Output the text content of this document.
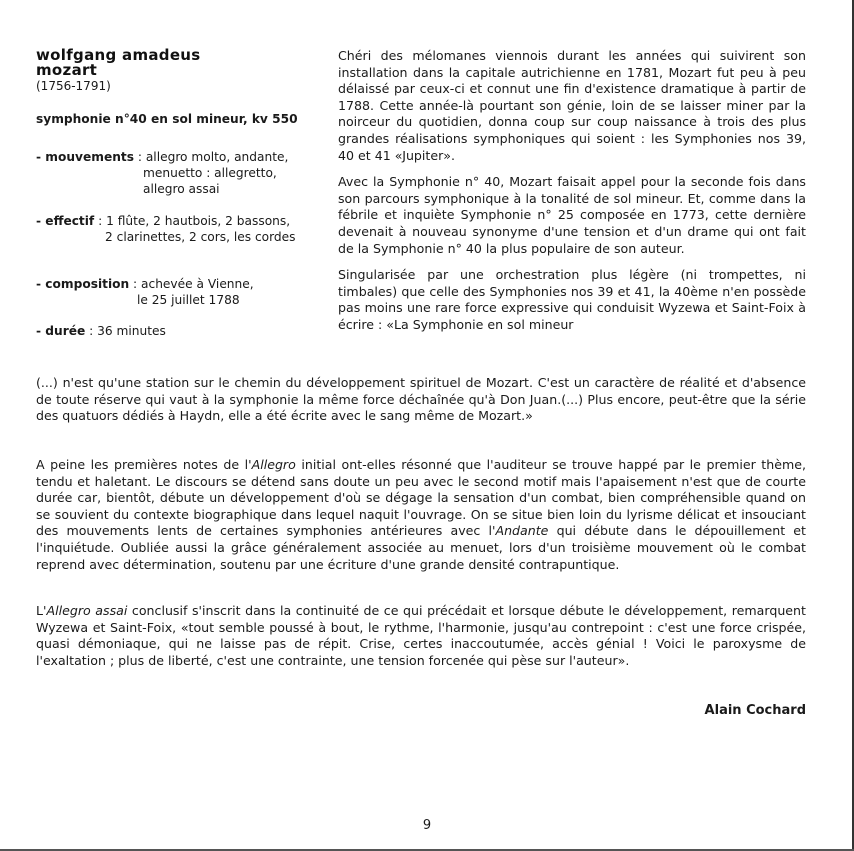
wolfgang amadeus
mozart
(1756-1791)
symphonie n°40 en sol mineur, kv 550
- mouvements : allegro molto, andante,
menuetto : allegretto,
allegro assai
- effectif : 1 flûte, 2 hautbois, 2 bassons,
2 clarinettes, 2 cors, les cordes
- composition : achevée à Vienne,
le 25 juillet 1788
- durée : 36 minutes

Chéri des mélomanes viennois durant les années qui suivirent son installation dans la capitale autrichienne en 1781, Mozart fut peu à peu délaissé par ceux-ci et connut une fin d'existence dramatique à partir de 1788. Cette année-là pourtant son génie, loin de se laisser miner par la noirceur du quotidien, donna coup sur coup naissance à trois des plus grandes réalisations symphoniques qui soient : les Symphonies nos 39, 40 et 41 «Jupiter».

Avec la Symphonie n° 40, Mozart faisait appel pour la seconde fois dans son parcours symphonique à la tonalité de sol mineur. Et, comme dans la fébrile et inquiète Symphonie n° 25 composée en 1773, cette dernière devenait à nouveau synonyme d'une tension et d'un drame qui ont fait de la Symphonie n° 40 la plus populaire de son auteur.

Singularisée par une orchestration plus légère (ni trompettes, ni timbales) que celle des Symphonies nos 39 et 41, la 40ème n'en possède pas moins une rare force expressive qui conduisit Wyzewa et Saint-Foix à écrire : «La Symphonie en sol mineur

(...) n'est qu'une station sur le chemin du développement spirituel de Mozart. C'est un caractère de réalité et d'absence de toute réserve qui vaut à la symphonie la même force déchaînée qu'à Don Juan.(...) Plus encore, peut-être que la série des quatuors dédiés à Haydn, elle a été écrite avec le sang même de Mozart.»

A peine les premières notes de l'Allegro initial ont-elles résonné que l'auditeur se trouve happé par le premier thème, tendu et haletant. Le discours se détend sans doute un peu avec le second motif mais l'apaisement n'est que de courte durée car, bientôt, débute un développement d'où se dégage la sensation d'un combat, bien compréhensible quand on se souvient du contexte biographique dans lequel naquit l'ouvrage. On se situe bien loin du lyrisme délicat et insouciant des mouvements lents de certaines symphonies antérieures avec l'Andante qui débute dans le dépouillement et l'inquiétude. Oubliée aussi la grâce généralement associée au menuet, lors d'un troisième mouvement où le combat reprend avec détermination, soutenu par une écriture d'une grande densité contrapuntique.

L'Allegro assai conclusif s'inscrit dans la continuité de ce qui précédait et lorsque débute le développement, remarquent Wyzewa et Saint-Foix, «tout semble poussé à bout, le rythme, l'harmonie, jusqu'au contrepoint : c'est une force crispée, quasi démoniaque, qui ne laisse pas de répit. Crise, certes inaccoutumée, accès génial ! Voici le paroxysme de l'exaltation ; plus de liberté, c'est une contrainte, une tension forcenée qui pèse sur l'auteur».

Alain Cochard
9
